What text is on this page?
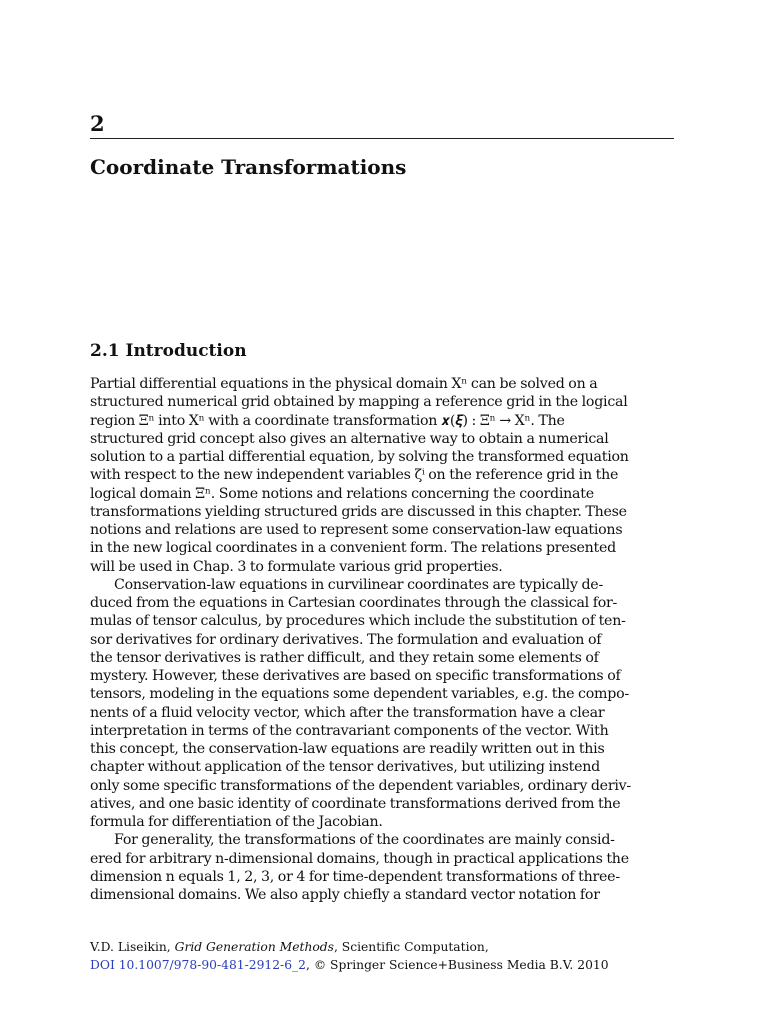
2
Coordinate Transformations
2.1 Introduction

Partial differential equations in the physical domain Xⁿ can be solved on a
structured numerical grid obtained by mapping a reference grid in the logical
region Ξⁿ into Xⁿ with a coordinate transformation 𝒙(𝝃) : Ξⁿ → Xⁿ. The
structured grid concept also gives an alternative way to obtain a numerical
solution to a partial differential equation, by solving the transformed equation
with respect to the new independent variables ζⁱ on the reference grid in the
logical domain Ξⁿ. Some notions and relations concerning the coordinate
transformations yielding structured grids are discussed in this chapter. These
notions and relations are used to represent some conservation-law equations
in the new logical coordinates in a convenient form. The relations presented
will be used in Chap. 3 to formulate various grid properties.

Conservation-law equations in curvilinear coordinates are typically de-
duced from the equations in Cartesian coordinates through the classical for-
mulas of tensor calculus, by procedures which include the substitution of ten-
sor derivatives for ordinary derivatives. The formulation and evaluation of
the tensor derivatives is rather difficult, and they retain some elements of
mystery. However, these derivatives are based on specific transformations of
tensors, modeling in the equations some dependent variables, e.g. the compo-
nents of a fluid velocity vector, which after the transformation have a clear
interpretation in terms of the contravariant components of the vector. With
this concept, the conservation-law equations are readily written out in this
chapter without application of the tensor derivatives, but utilizing instend
only some specific transformations of the dependent variables, ordinary deriv-
atives, and one basic identity of coordinate transformations derived from the
formula for differentiation of the Jacobian.

For generality, the transformations of the coordinates are mainly consid-
ered for arbitrary n-dimensional domains, though in practical applications the
dimension n equals 1, 2, 3, or 4 for time-dependent transformations of three-
dimensional domains. We also apply chiefly a standard vector notation for

V.D. Liseikin, Grid Generation Methods, Scientific Computation,
DOI 10.1007/978-90-481-2912-6_2, © Springer Science+Business Media B.V. 2010
